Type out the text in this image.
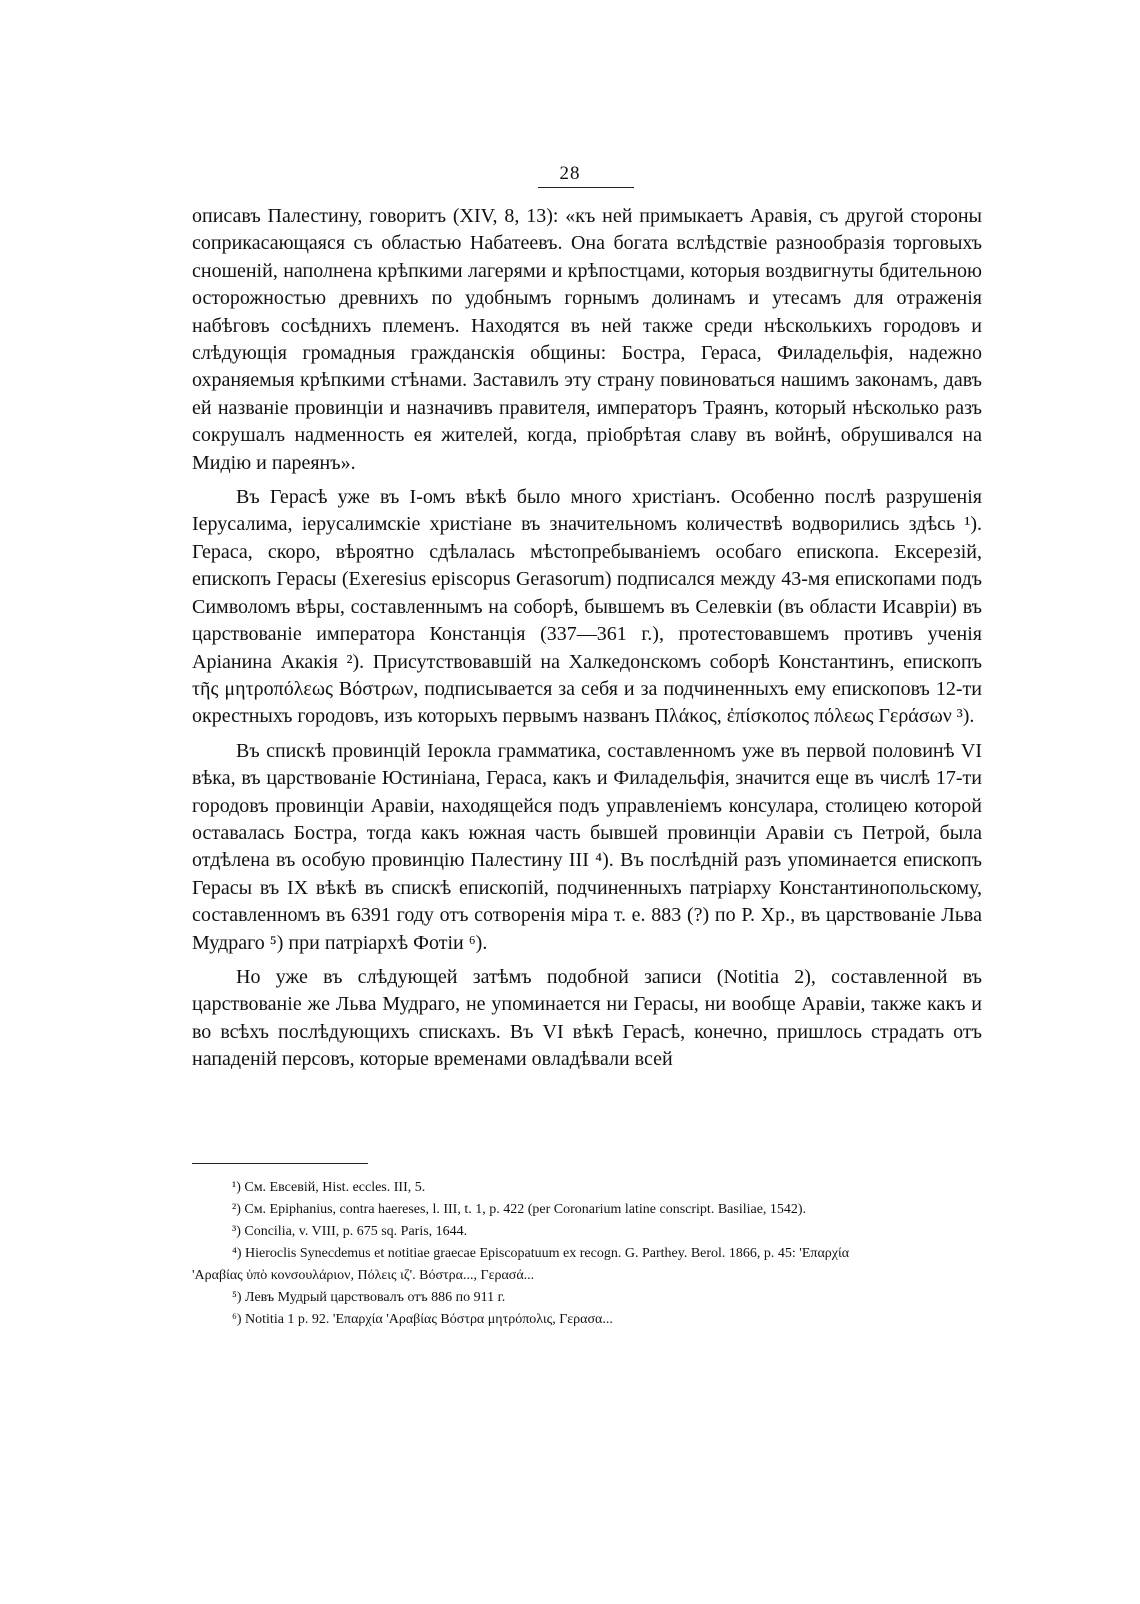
28

описавъ Палестину, говоритъ (XIV, 8, 13): «къ ней примыкаетъ Аравія, съ другой стороны соприкасающаяся съ областью Набатеевъ. Она богата вслѣдствіе разнообразія торговыхъ сношеній, наполнена крѣпкими лагерями и крѣпостцами, которыя воздвигнуты бдительною осторожностью древнихъ по удобнымъ горнымъ долинамъ и утесамъ для отраженія набѣговъ сосѣднихъ племенъ. Находятся въ ней также среди нѣсколькихъ городовъ и слѣдующія громадныя гражданскія общины: Бостра, Гераса, Филадельфія, надежно охраняемыя крѣпкими стѣнами. Заставилъ эту страну повиноваться нашимъ законамъ, давъ ей названіе провинціи и назначивъ правителя, императоръ Траянъ, который нѣсколько разъ сокрушалъ надменность ея жителей, когда, пріобрѣтая славу въ войнѣ, обрушивался на Мидію и пареянъ».

Въ Герасѣ уже въ I-омъ вѣкѣ было много христіанъ. Особенно послѣ разрушенія Іерусалима, іерусалимскіе христіане въ значительномъ количествѣ водворились здѣсь ¹). Гераса, скоро, вѣроятно сдѣлалась мѣстопребываніемъ особаго епископа. Ексерезій, епископъ Герасы (Exeresius episcopus Gerasorum) подписался между 43-мя епископами подъ Символомъ вѣры, составленнымъ на соборѣ, бывшемъ въ Селевкіи (въ области Исавріи) въ царствованіе императора Констанція (337—361 г.), протестовавшемъ противъ ученія Аріанина Акакія ²). Присутствовавшій на Халкедонскомъ соборѣ Константинъ, епископъ τῆς μητροπόλεως Βόστρων, подписывается за себя и за подчиненныхъ ему епископовъ 12-ти окрестныхъ городовъ, изъ которыхъ первымъ названъ Πλάκος, ἐπίσκοπος πόλεως Γεράσων ³).

Въ спискѣ провинцій Іерокла грамматика, составленномъ уже въ первой половинѣ VI вѣка, въ царствованіе Юстиніана, Гераса, какъ и Филадельфія, значится еще въ числѣ 17-ти городовъ провинціи Аравіи, находящейся подъ управленіемъ консулара, столицею которой оставалась Бостра, тогда какъ южная часть бывшей провинціи Аравіи съ Петрой, была отдѣлена въ особую провинцію Палестину III ⁴). Въ послѣдній разъ упоминается епископъ Герасы въ IX вѣкѣ въ спискѣ епископій, подчиненныхъ патріарху Константинопольскому, составленномъ въ 6391 году отъ сотворенія міра т. е. 883 (?) по Р. Хр., въ царствованіе Льва Мудраго ⁵) при патріархѣ Фотіи ⁶).

Но уже въ слѣдующей затѣмъ подобной записи (Notitia 2), составленной въ царствованіе же Льва Мудраго, не упоминается ни Герасы, ни вообще Аравіи, также какъ и во всѣхъ послѣдующихъ спискахъ. Въ VI вѣкѣ Герасѣ, конечно, пришлось страдать отъ нападеній персовъ, которые временами овладѣвали всей

¹) См. Евсевій, Hist. eccles. III, 5.
²) См. Epiphanius, contra haereses, l. III, t. 1, p. 422 (per Coronarium latine conscript. Basiliae, 1542).
³) Concilia, v. VIII, p. 675 sq. Paris, 1644.
⁴) Hieroclis Synecdemus et notitiae graecae Episcopatuum ex recogn. G. Parthey. Berol. 1866, p. 45: 'Επαρχία
'Αραβίας ὑπὸ κονσουλάριον, Πόλεις ιζ'. Βόστρα..., Γερασά...
⁵) Левъ Мудрый царствовалъ отъ 886 по 911 г.
⁶) Notitia 1 p. 92. 'Επαρχία 'Αραβίας Βόστρα μητρόπολις, Γερασα...
